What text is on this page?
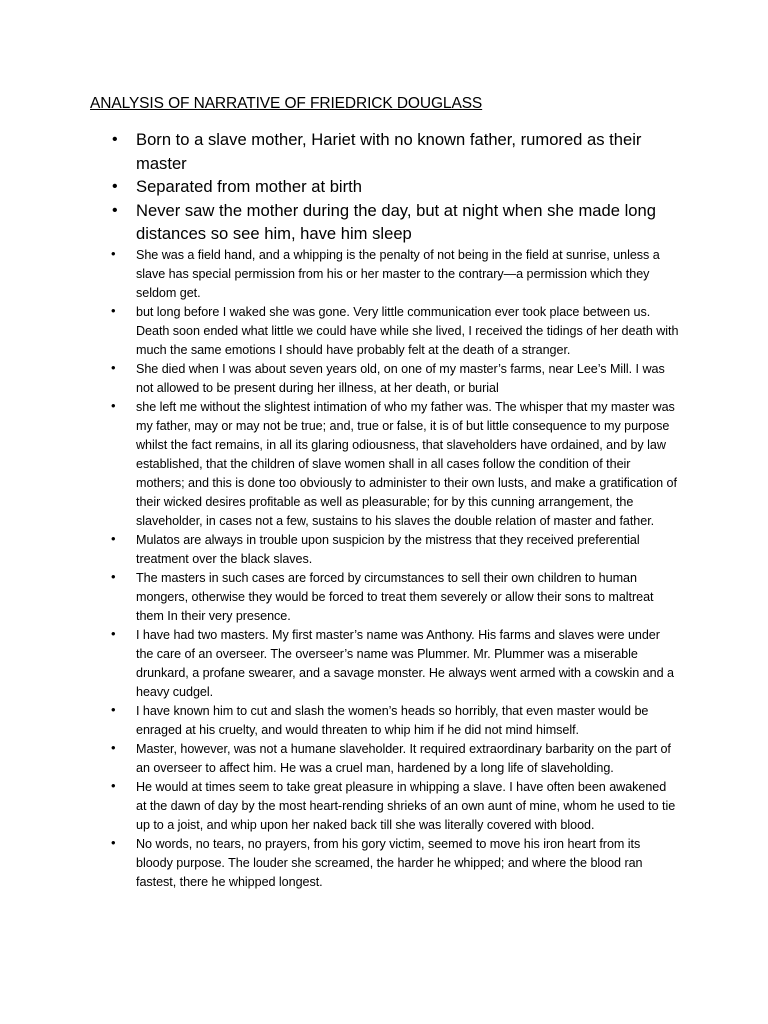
ANALYSIS OF NARRATIVE OF FRIEDRICK DOUGLASS
• Born to a slave mother, Hariet with no known father, rumored as their master
• Separated from mother at birth
• Never saw the mother during the day, but at night when she made long distances so see him, have him sleep
• She was a field hand, and a whipping is the penalty of not being in the field at sunrise, unless a slave has special permission from his or her master to the contrary—a permission which they seldom get.
• but long before I waked she was gone. Very little communication ever took place between us. Death soon ended what little we could have while she lived, I received the tidings of her death with much the same emotions I should have probably felt at the death of a stranger.
• She died when I was about seven years old, on one of my master’s farms, near Lee’s Mill. I was not allowed to be present during her illness, at her death, or burial
• she left me without the slightest intimation of who my father was. The whisper that my master was my father, may or may not be true; and, true or false, it is of but little consequence to my purpose whilst the fact remains, in all its glaring odiousness, that slaveholders have ordained, and by law established, that the children of slave women shall in all cases follow the condition of their mothers; and this is done too obviously to administer to their own lusts, and make a gratification of their wicked desires profitable as well as pleasurable; for by this cunning arrangement, the slaveholder, in cases not a few, sustains to his slaves the double relation of master and father.
• Mulatos are always in trouble upon suspicion by the mistress that they received preferential treatment over the black slaves.
• The masters in such cases are forced by circumstances to sell their own children to human mongers, otherwise they would be forced to treat them severely or allow their sons to maltreat them In their very presence.
• I have had two masters. My first master’s name was Anthony. His farms and slaves were under the care of an overseer. The overseer’s name was Plummer. Mr. Plummer was a miserable drunkard, a profane swearer, and a savage monster. He always went armed with a cowskin and a heavy cudgel.
• I have known him to cut and slash the women’s heads so horribly, that even master would be enraged at his cruelty, and would threaten to whip him if he did not mind himself.
• Master, however, was not a humane slaveholder. It required extraordinary barbarity on the part of an overseer to affect him. He was a cruel man, hardened by a long life of slaveholding.
• He would at times seem to take great pleasure in whipping a slave. I have often been awakened at the dawn of day by the most heart-rending shrieks of an own aunt of mine, whom he used to tie up to a joist, and whip upon her naked back till she was literally covered with blood.
• No words, no tears, no prayers, from his gory victim, seemed to move his iron heart from its bloody purpose. The louder she screamed, the harder he whipped; and where the blood ran fastest, there he whipped longest.
